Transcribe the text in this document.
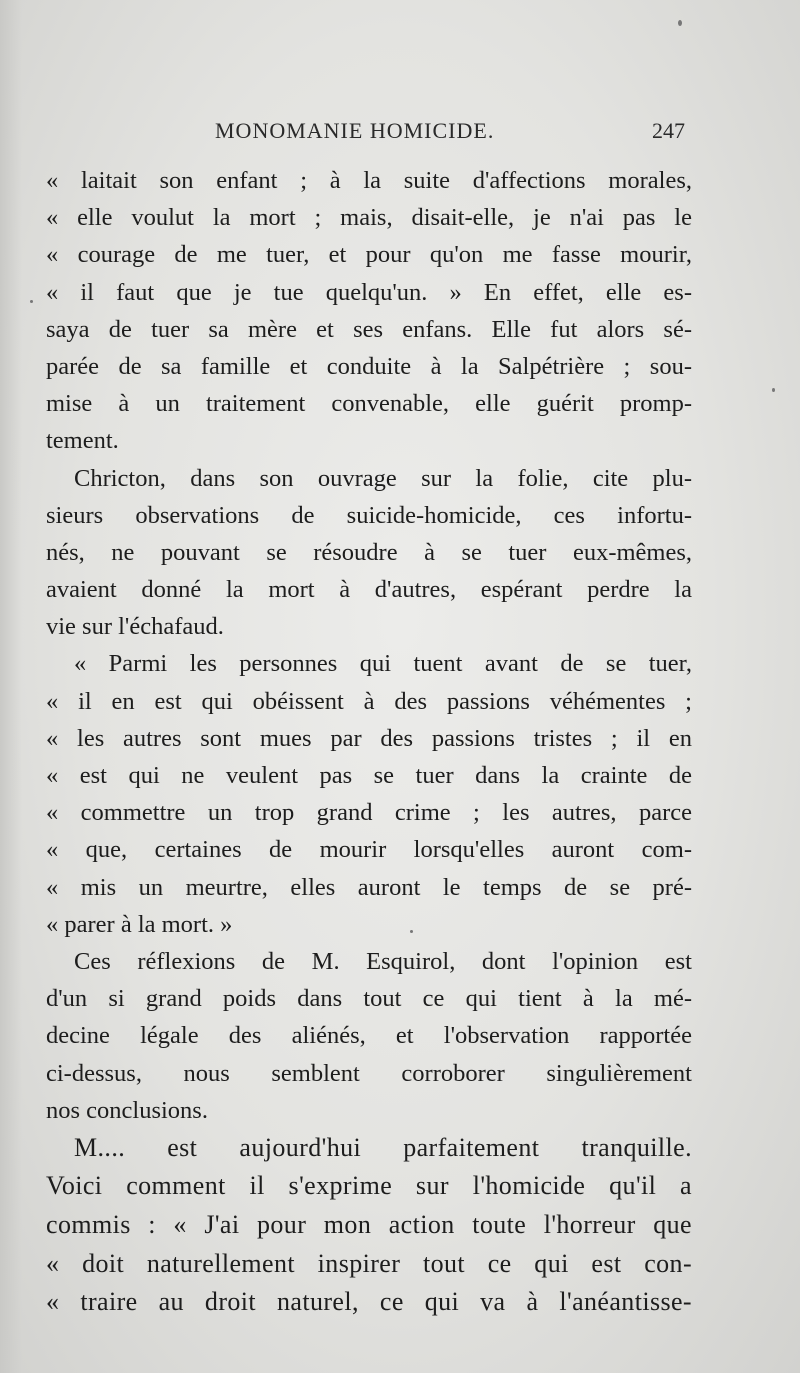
MONOMANIE HOMICIDE.	247
« laitait son enfant ; à la suite d'affections morales,
« elle voulut la mort ; mais, disait-elle, je n'ai pas le
« courage de me tuer, et pour qu'on me fasse mourir,
« il faut que je tue quelqu'un. » En effet, elle es-
saya de tuer sa mère et ses enfans. Elle fut alors sé-
parée de sa famille et conduite à la Salpétrière ; sou-
mise à un traitement convenable, elle guérit promp-
tement.
Chricton, dans son ouvrage sur la folie, cite plu-
sieurs observations de suicide-homicide, ces infortu-
nés, ne pouvant se résoudre à se tuer eux-mêmes,
avaient donné la mort à d'autres, espérant perdre la
vie sur l'échafaud.
« Parmi les personnes qui tuent avant de se tuer,
« il en est qui obéissent à des passions véhémentes ;
« les autres sont mues par des passions tristes ; il en
« est qui ne veulent pas se tuer dans la crainte de
« commettre un trop grand crime ; les autres, parce
« que, certaines de mourir lorsqu'elles auront com-
« mis un meurtre, elles auront le temps de se pré-
« parer à la mort. »
Ces réflexions de M. Esquirol, dont l'opinion est
d'un si grand poids dans tout ce qui tient à la mé-
decine légale des aliénés, et l'observation rapportée
ci-dessus, nous semblent corroborer singulièrement
nos conclusions.
M.... est aujourd'hui parfaitement tranquille.
Voici comment il s'exprime sur l'homicide qu'il a
commis : « J'ai pour mon action toute l'horreur que
« doit naturellement inspirer tout ce qui est con-
« traire au droit naturel, ce qui va à l'anéantisse-
